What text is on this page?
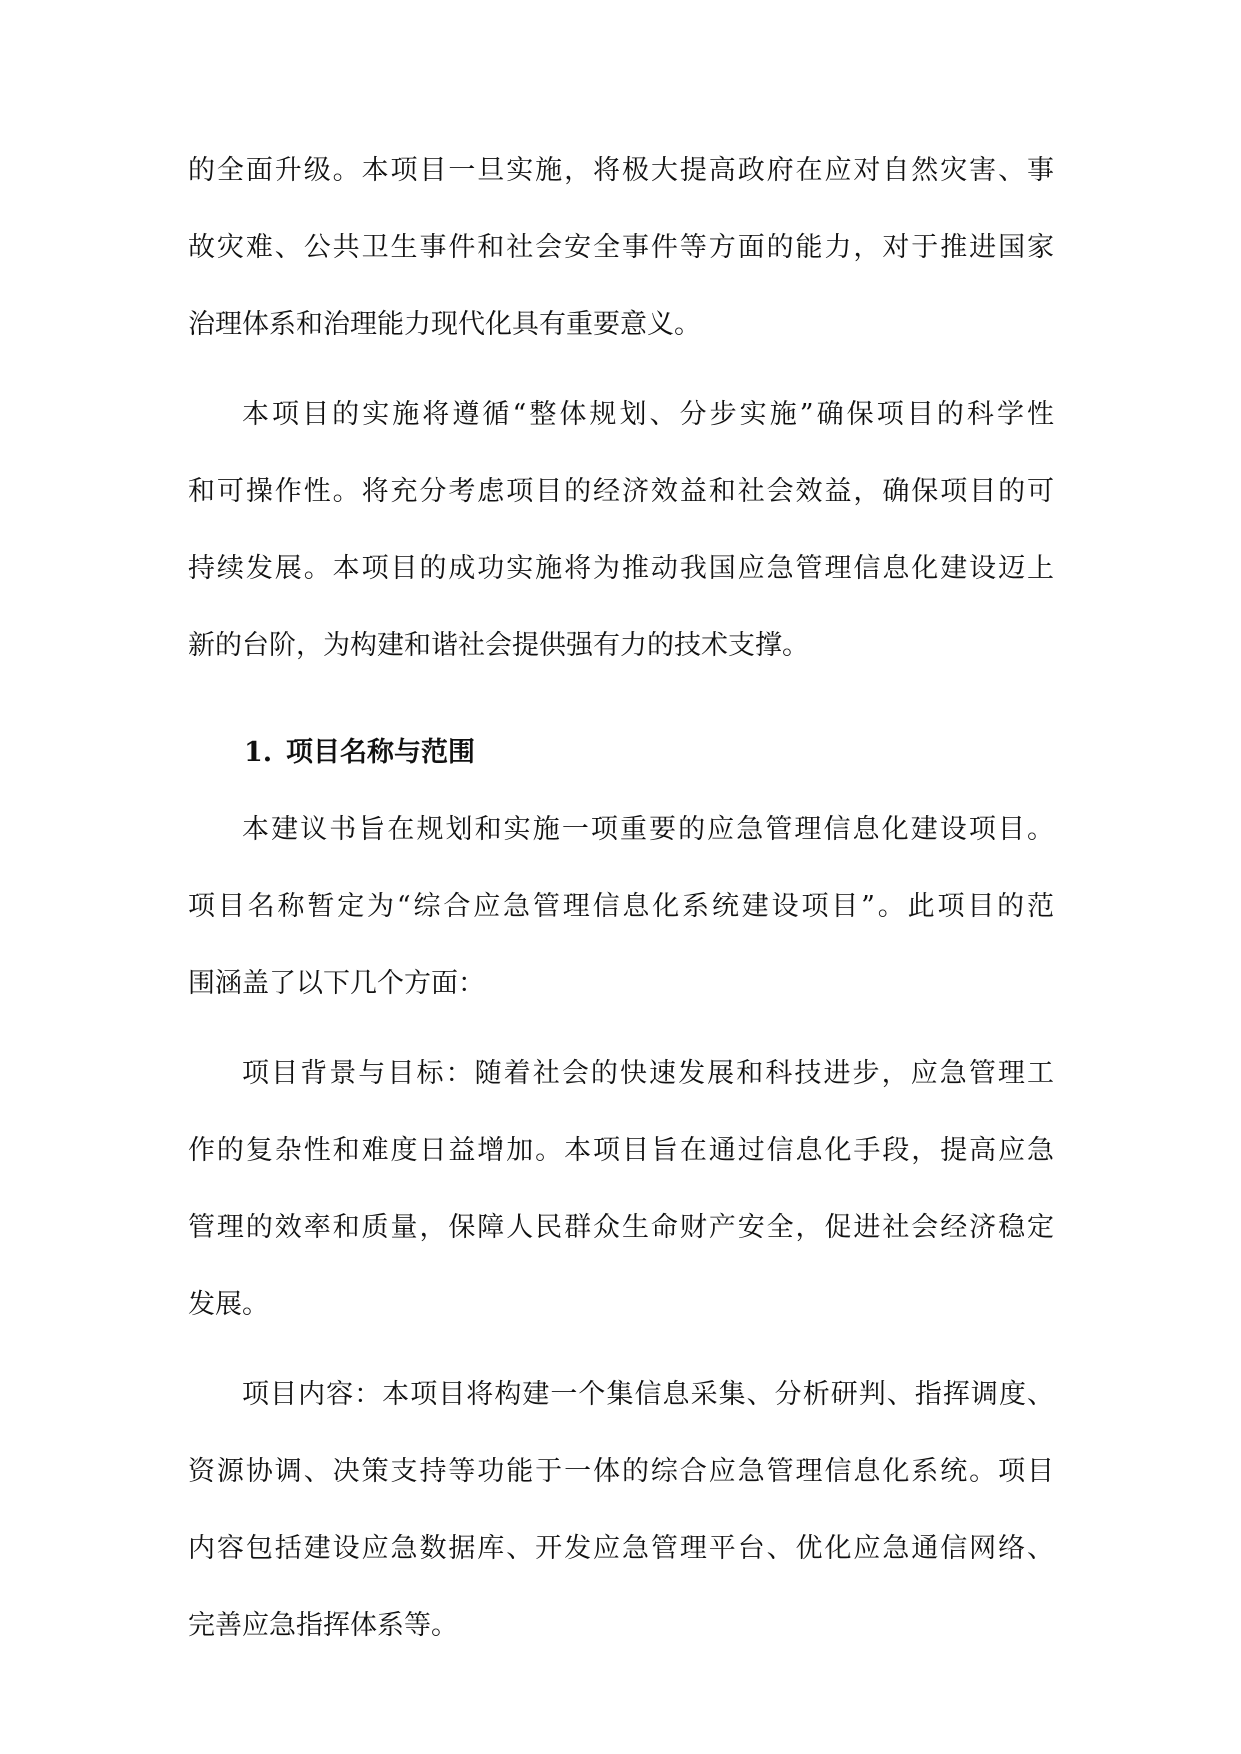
的全面升级。本项目一旦实施，将极大提高政府在应对自然灾害、事
故灾难、公共卫生事件和社会安全事件等方面的能力，对于推进国家
治理体系和治理能力现代化具有重要意义。
本项目的实施将遵循“整体规划、分步实施”确保项目的科学性
和可操作性。将充分考虑项目的经济效益和社会效益，确保项目的可
持续发展。本项目的成功实施将为推动我国应急管理信息化建设迈上
新的台阶，为构建和谐社会提供强有力的技术支撑。
1. 项目名称与范围
本建议书旨在规划和实施一项重要的应急管理信息化建设项目。
项目名称暂定为“综合应急管理信息化系统建设项目”。此项目的范
围涵盖了以下几个方面：
项目背景与目标：随着社会的快速发展和科技进步，应急管理工
作的复杂性和难度日益增加。本项目旨在通过信息化手段，提高应急
管理的效率和质量，保障人民群众生命财产安全，促进社会经济稳定
发展。
项目内容：本项目将构建一个集信息采集、分析研判、指挥调度、
资源协调、决策支持等功能于一体的综合应急管理信息化系统。项目
内容包括建设应急数据库、开发应急管理平台、优化应急通信网络、
完善应急指挥体系等。
